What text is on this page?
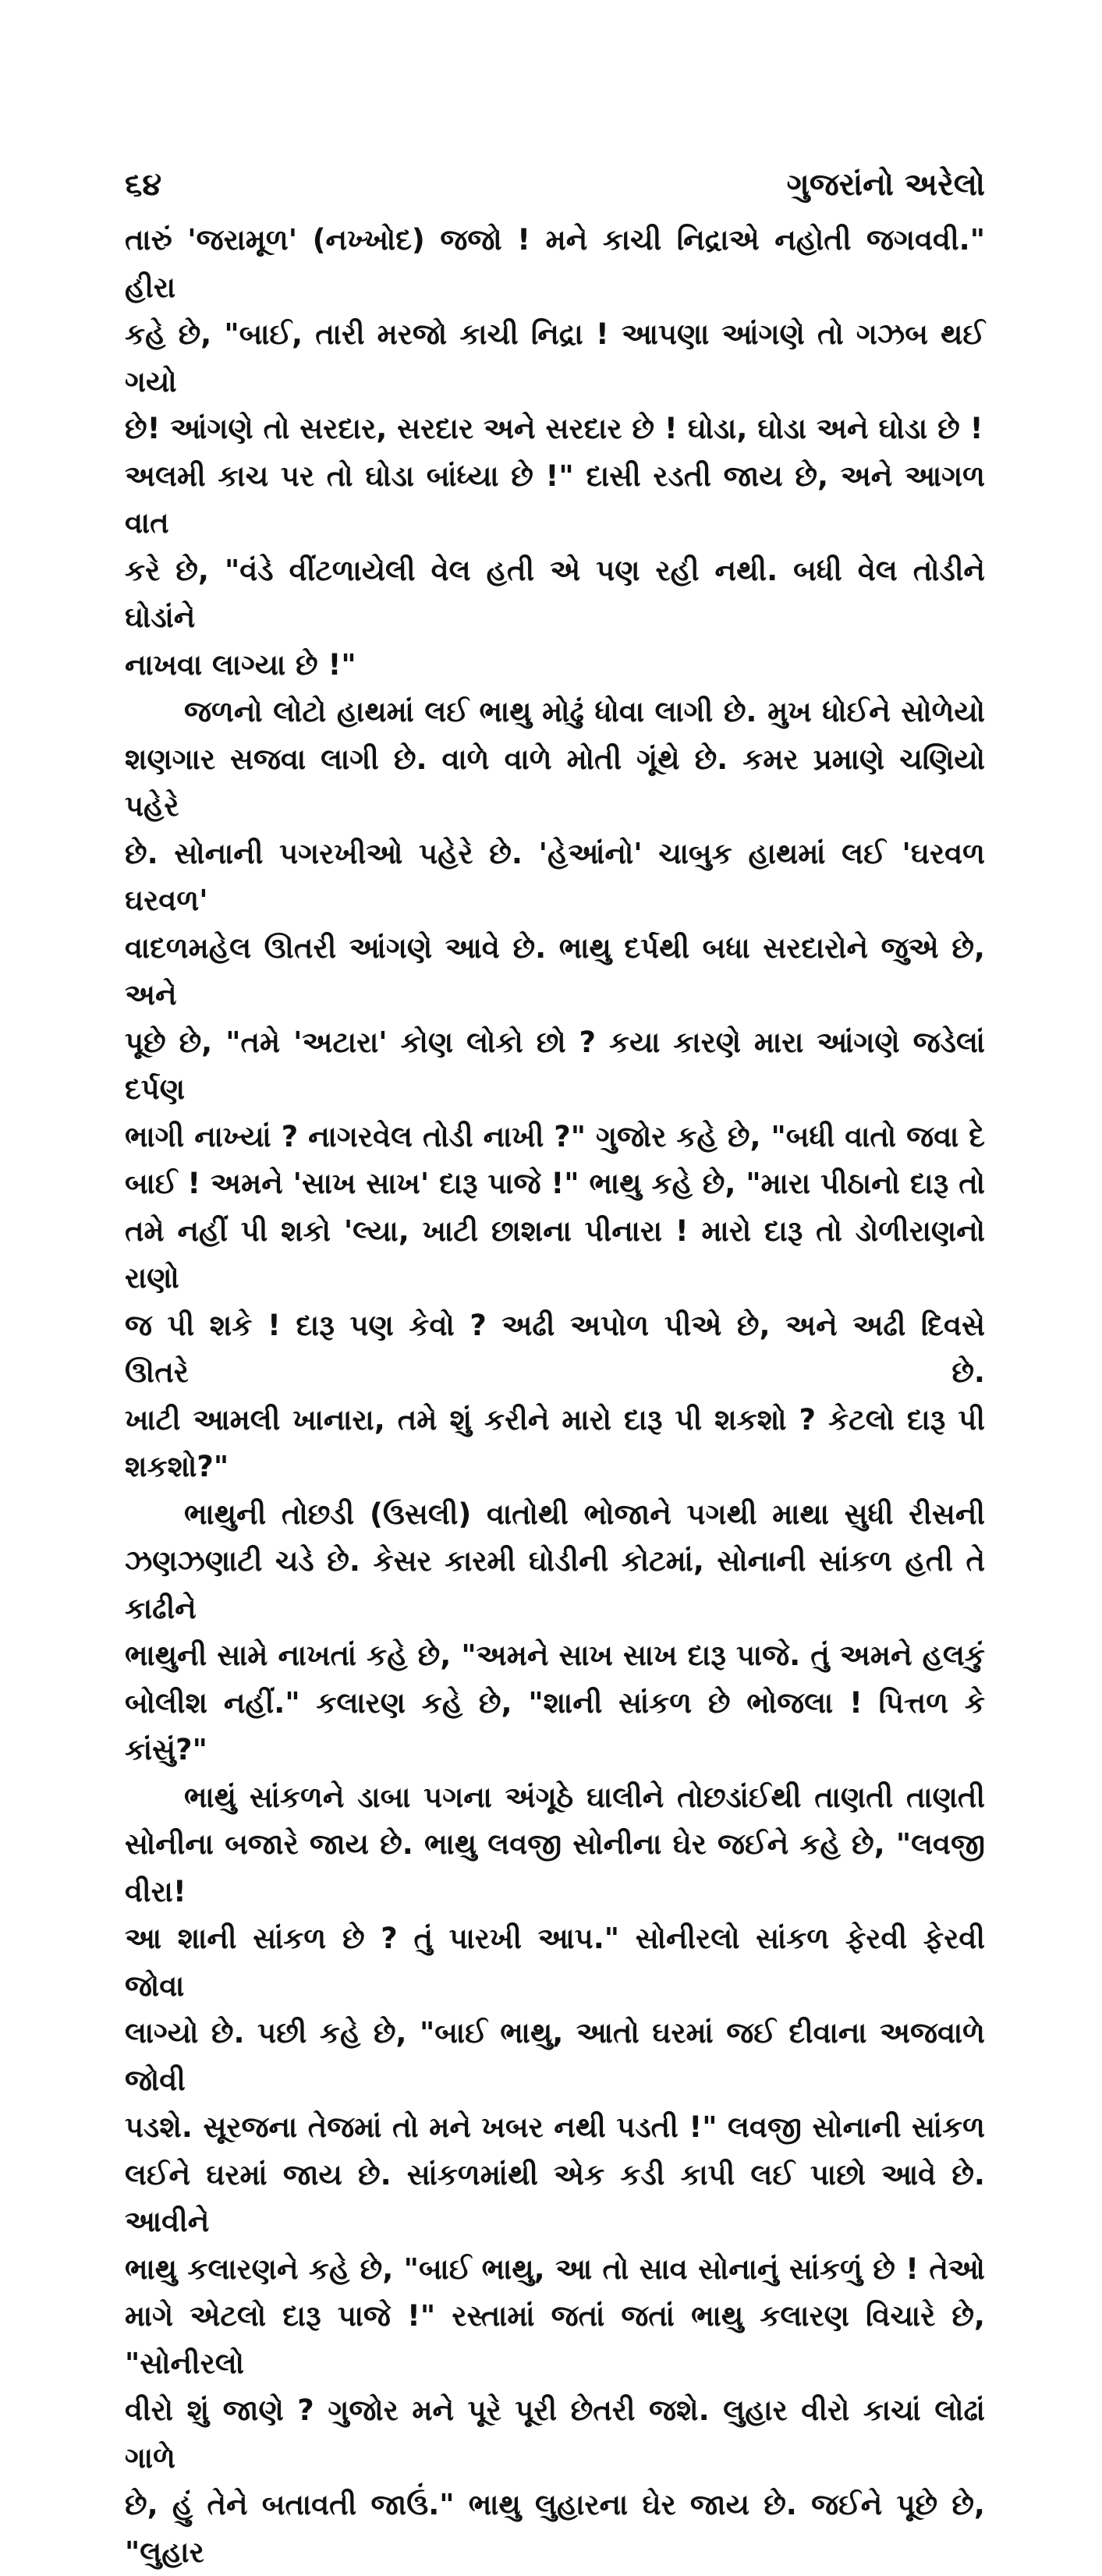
૬૪	ગુજરાંનો અરેલો

તારું 'જરામૂળ' (નખ્ખોદ) જજો ! મને કાચી નિદ્રાએ નહોતી જગવવી." હીરા
કહે છે, "બાઈ, તારી મરજો કાચી નિદ્રા ! આપણા આંગણે તો ગઝબ થઈ ગયો
છે! આંગણે તો સરદાર, સરદાર અને સરદાર છે ! ઘોડા, ઘોડા અને ઘોડા છે !
અલમી કાચ પર તો ઘોડા બાંધ્યા છે !" દાસી રડતી જાય છે, અને આગળ વાત
કરે છે, "વંડે વીંટળાયેલી વેલ હતી એ પણ રહી નથી. બધી વેલ તોડીને ઘોડાંને
નાખવા લાગ્યા છે !"

જળનો લોટો હાથમાં લઈ ભાથુ મોઢું ધોવા લાગી છે. મુખ ધોઈને સોળેયો
શણગાર સજવા લાગી છે. વાળે વાળે મોતી ગૂંથે છે. કમર પ્રમાણે ચણિયો પહેરે
છે. સોનાની પગરખીઓ પહેરે છે. 'હેઆંનો' ચાબુક હાથમાં લઈ 'ઘરવળ ઘરવળ'
વાદળમહેલ ઊતરી આંગણે આવે છે. ભાથુ દર્પથી બધા સરદારોને જુએ છે, અને
પૂછે છે, "તમે 'અટારા' કોણ લોકો છો ? કયા કારણે મારા આંગણે જડેલાં દર્પણ
ભાગી નાખ્યાં ? નાગરવેલ તોડી નાખી ?" ગુજોર કહે છે, "બધી વાતો જવા દે
બાઈ ! અમને 'સાખ સાખ' દારૂ પાજે !" ભાથુ કહે છે, "મારા પીઠાનો દારૂ તો
તમે નહીં પી શકો 'લ્યા, ખાટી છાશના પીનારા ! મારો દારૂ તો ડોળીરાણનો રાણો
જ પી શકે ! દારૂ પણ કેવો ? અઢી અપોળ પીએ છે, અને અઢી દિવસે ઊતરે છે.
ખાટી આમલી ખાનારા, તમે શું કરીને મારો દારૂ પી શકશો ? કેટલો દારૂ પી
શકશો?"

ભાથુની તોછડી (ઉસલી) વાતોથી ભોજાને પગથી માથા સુધી રીસની
ઝણઝણાટી ચડે છે. કેસર કારમી ઘોડીની કોટમાં, સોનાની સાંકળ હતી તે કાઢીને
ભાથુની સામે નાખતાં કહે છે, "અમને સાખ સાખ દારૂ પાજે. તું અમને હલકું
બોલીશ નહીં." કલારણ કહે છે, "શાની સાંકળ છે ભોજલા ! પિત્તળ કે કાંસું?"

ભાથું સાંકળને ડાબા પગના અંગૂઠે ઘાલીને તોછડાંઈથી તાણતી તાણતી
સોનીના બજારે જાય છે. ભાથુ લવજી સોનીના ઘેર જઈને કહે છે, "લવજી વીરા!
આ શાની સાંકળ છે ? તું પારખી આપ." સોનીરલો સાંકળ ફેરવી ફેરવી જોવા
લાગ્યો છે. પછી કહે છે, "બાઈ ભાથુ, આતો ઘરમાં જઈ દીવાના અજવાળે જોવી
પડશે. સૂરજના તેજમાં તો મને ખબર નથી પડતી !" લવજી સોનાની સાંકળ
લઈને ઘરમાં જાય છે. સાંકળમાંથી એક કડી કાપી લઈ પાછો આવે છે. આવીને
ભાથુ કલારણને કહે છે, "બાઈ ભાથુ, આ તો સાવ સોનાનું સાંકળું છે ! તેઓ
માગે એટલો દારૂ પાજે !" રસ્તામાં જતાં જતાં ભાથુ કલારણ વિચારે છે, "સોનીરલો
વીરો શું જાણે ? ગુજોર મને પૂરે પૂરી છેતરી જશે. લુહાર વીરો કાચાં લોઢાં ગાળે
છે, હું તેને બતાવતી જાઉં." ભાથુ લુહારના ઘેર જાય છે. જઈને પૂછે છે, "લુહાર
